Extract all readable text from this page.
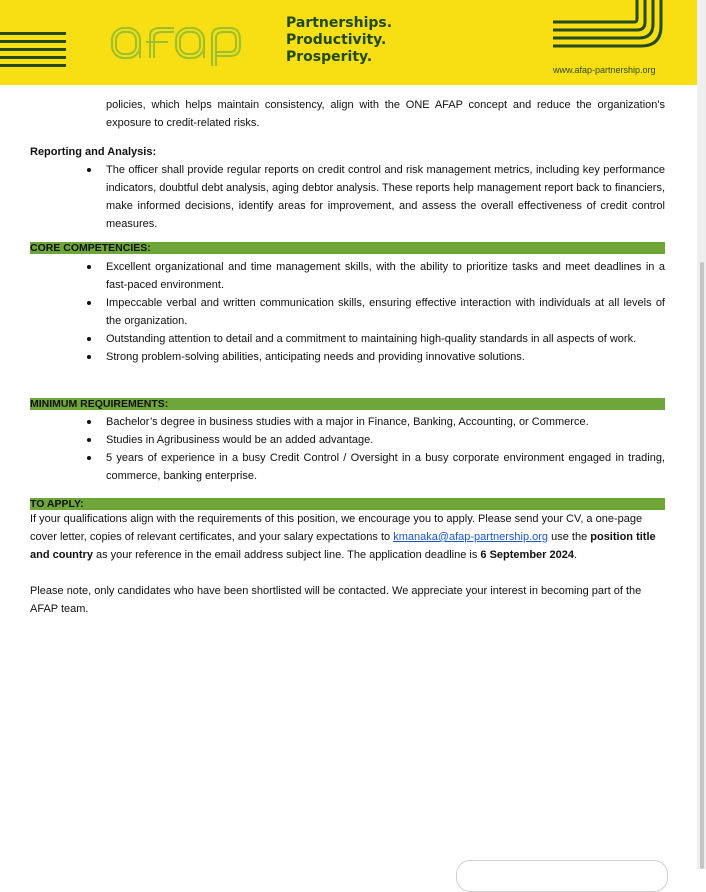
Partnerships.
Productivity.
Prosperity.
www.afap-partnership.org
policies, which helps maintain consistency, align with the ONE AFAP concept and reduce the organization's exposure to credit-related risks.
Reporting and Analysis:
The officer shall provide regular reports on credit control and risk management metrics, including key performance indicators, doubtful debt analysis, aging debtor analysis. These reports help management report back to financiers, make informed decisions, identify areas for improvement, and assess the overall effectiveness of credit control measures.
CORE COMPETENCIES:
Excellent organizational and time management skills, with the ability to prioritize tasks and meet deadlines in a fast-paced environment.
Impeccable verbal and written communication skills, ensuring effective interaction with individuals at all levels of the organization.
Outstanding attention to detail and a commitment to maintaining high-quality standards in all aspects of work.
Strong problem-solving abilities, anticipating needs and providing innovative solutions.
MINIMUM REQUIREMENTS:
Bachelor’s degree in business studies with a major in Finance, Banking, Accounting, or Commerce.
Studies in Agribusiness would be an added advantage.
5 years of experience in a busy Credit Control / Oversight in a busy corporate environment engaged in trading, commerce, banking enterprise.
TO APPLY:
If your qualifications align with the requirements of this position, we encourage you to apply. Please send your CV, a one-page cover letter, copies of relevant certificates, and your salary expectations to kmanaka@afap-partnership.org use the position title and country as your reference in the email address subject line. The application deadline is 6 September 2024.
Please note, only candidates who have been shortlisted will be contacted. We appreciate your interest in becoming part of the AFAP team.
